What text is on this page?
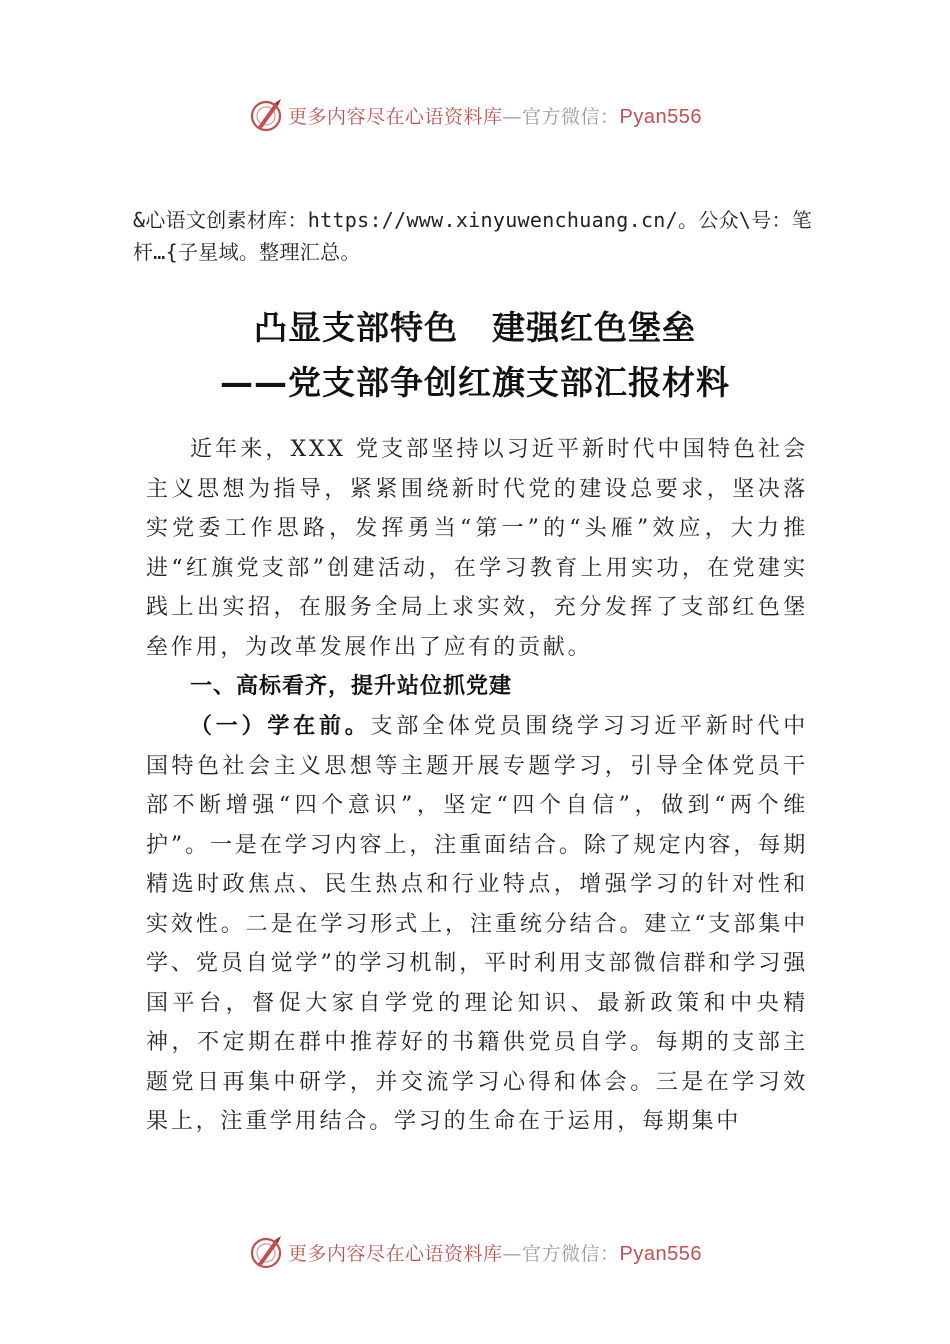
更多内容尽在心语资料库—官方微信：Pyan556
&心语文创素材库：https://www.xinyuwenchuang.cn/。公众\号：笔杆…{子星域。整理汇总。
凸显支部特色　建强红色堡垒
——党支部争创红旗支部汇报材料

近年来，XXX 党支部坚持以习近平新时代中国特色社会主义思想为指导，紧紧围绕新时代党的建设总要求，坚决落实党委工作思路，发挥勇当“第一”的“头雁”效应，大力推进“红旗党支部”创建活动，在学习教育上用实功，在党建实践上出实招，在服务全局上求实效，充分发挥了支部红色堡垒作用，为改革发展作出了应有的贡献。

一、高标看齐，提升站位抓党建

（一）学在前。支部全体党员围绕学习习近平新时代中国特色社会主义思想等主题开展专题学习，引导全体党员干部不断增强“四个意识”，坚定“四个自信”，做到“两个维护”。一是在学习内容上，注重面结合。除了规定内容，每期精选时政焦点、民生热点和行业特点，增强学习的针对性和实效性。二是在学习形式上，注重统分结合。建立“支部集中学、党员自觉学”的学习机制，平时利用支部微信群和学习强国平台，督促大家自学党的理论知识、最新政策和中央精神，不定期在群中推荐好的书籍供党员自学。每期的支部主题党日再集中研学，并交流学习心得和体会。三是在学习效果上，注重学用结合。学习的生命在于运用，每期集中

更多内容尽在心语资料库—官方微信：Pyan556
